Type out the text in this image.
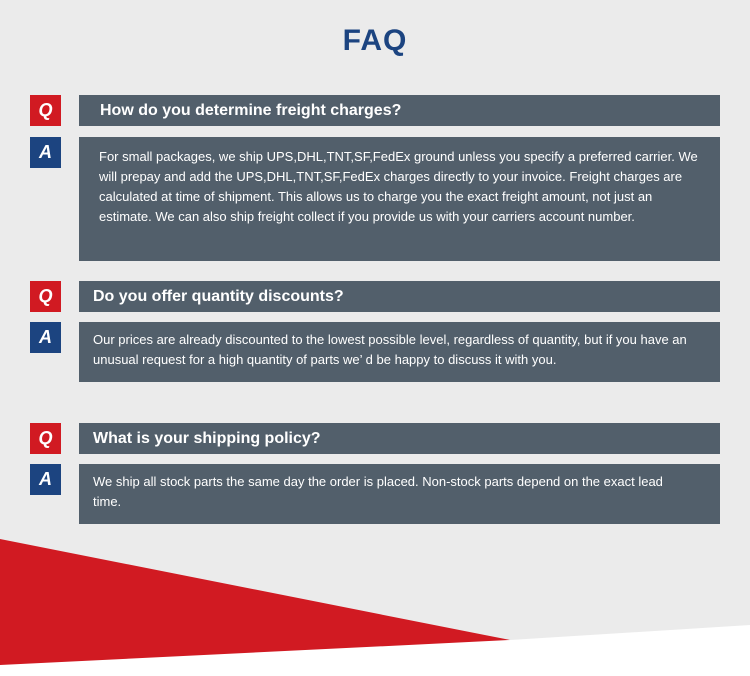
FAQ
Q	How do you determine freight charges?
A	For small packages, we ship UPS,DHL,TNT,SF,FedEx ground unless you specify a preferred carrier. We will prepay and add the UPS,DHL,TNT,SF,FedEx charges directly to your invoice. Freight charges are calculated at time of shipment. This allows us to charge you the exact freight amount, not just an estimate. We can also ship freight collect if you provide us with your carriers account number.
Q	Do you offer quantity discounts?
A	Our prices are already discounted to the lowest possible level, regardless of quantity, but if you have an unusual request for a high quantity of parts we’ d be happy to discuss it with you.
Q	What is your shipping policy?
A	We ship all stock parts the same day the order is placed. Non-stock parts depend on the exact lead time.
